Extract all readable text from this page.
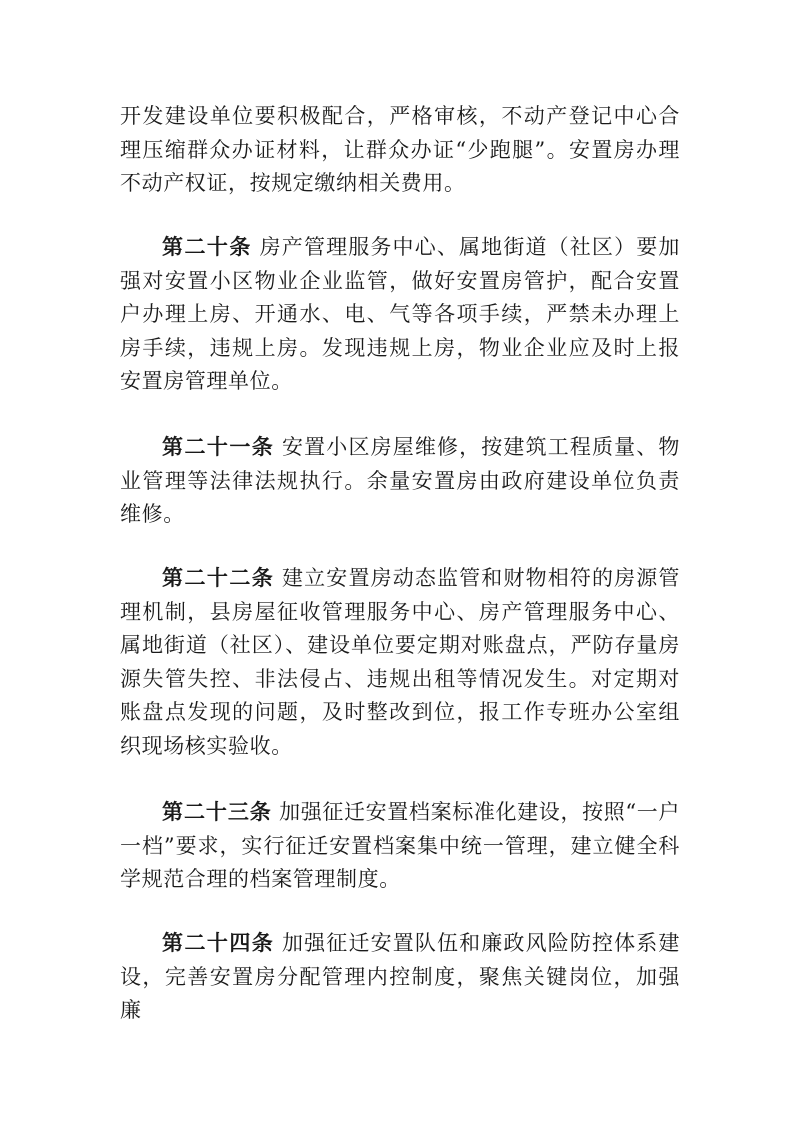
开发建设单位要积极配合，严格审核，不动产登记中心合理压缩群众办证材料，让群众办证“少跑腿”。安置房办理不动产权证，按规定缴纳相关费用。

第二十条 房产管理服务中心、属地街道（社区）要加强对安置小区物业企业监管，做好安置房管护，配合安置户办理上房、开通水、电、气等各项手续，严禁未办理上房手续，违规上房。发现违规上房，物业企业应及时上报安置房管理单位。

第二十一条 安置小区房屋维修，按建筑工程质量、物业管理等法律法规执行。余量安置房由政府建设单位负责维修。

第二十二条 建立安置房动态监管和财物相符的房源管理机制，县房屋征收管理服务中心、房产管理服务中心、属地街道（社区）、建设单位要定期对账盘点，严防存量房源失管失控、非法侵占、违规出租等情况发生。对定期对账盘点发现的问题，及时整改到位，报工作专班办公室组织现场核实验收。

第二十三条 加强征迁安置档案标准化建设，按照“一户一档”要求，实行征迁安置档案集中统一管理，建立健全科学规范合理的档案管理制度。

第二十四条 加强征迁安置队伍和廉政风险防控体系建设，完善安置房分配管理内控制度，聚焦关键岗位，加强廉
